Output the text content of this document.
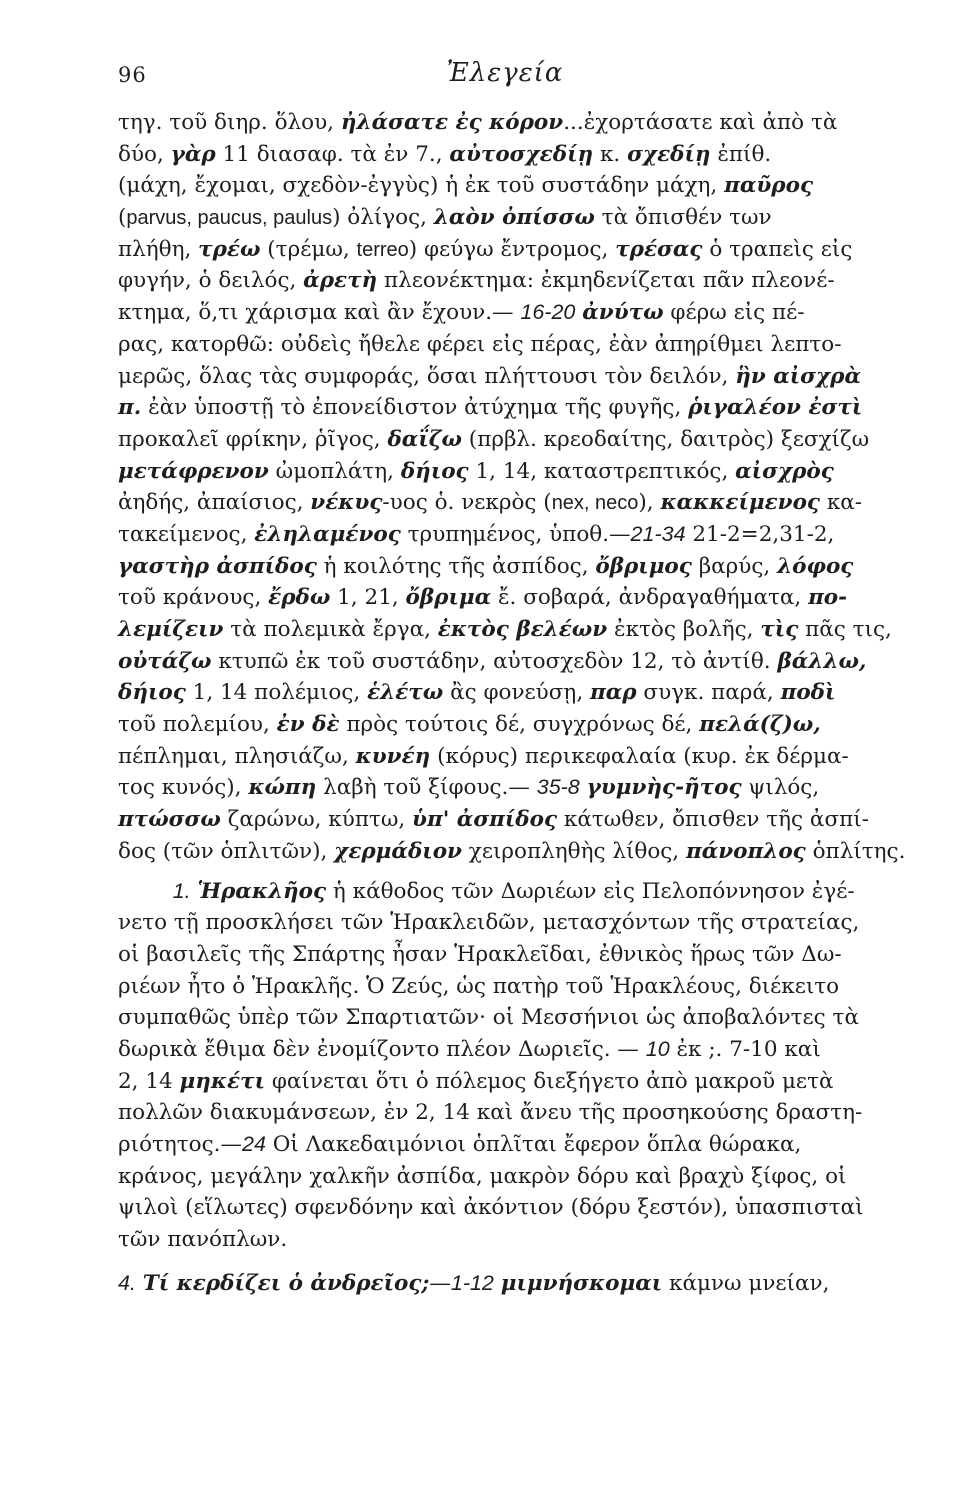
96	Ἐλεγεία
τηγ. τοῦ διηρ. ὅλου, ἠλάσατε ἐς κόρον...ἐχορτάσατε καὶ ἀπὸ τὰ
δύο, γὰρ 11 διασαφ. τὰ ἐν 7., αὐτοσχεδίῃ κ. σχεδίῃ ἐπίθ.
(μάχη, ἔχομαι, σχεδὸν-ἐγγὺς) ἡ ἐκ τοῦ συστάδην μάχη, παῦρος
(parvus, paucus, paulus) ὀλίγος, λαὸν ὀπίσσω τὰ ὄπισθέν των
πλήθη, τρέω (τρέμω, terreo) φεύγω ἔντρομος, τρέσας ὁ τραπεὶς εἰς
φυγήν, ὁ δειλός, ἀρετὴ πλεονέκτημα: ἐκμηδενίζεται πᾶν πλεονέ-
κτημα, ὅ,τι χάρισμα καὶ ἂν ἔχουν.— 16-20 ἀνύτω φέρω εἰς πέ-
ρας, κατορθῶ: οὐδεὶς ἤθελε φέρει εἰς πέρας, ἐὰν ἀπηρίθμει λεπτο-
μερῶς, ὅλας τὰς συμφοράς, ὅσαι πλήττουσι τὸν δειλόν, ἣν αἰσχρὰ
π. ἐὰν ὑποστῇ τὸ ἐπονείδιστον ἀτύχημα τῆς φυγῆς, ῥιγαλέον ἐστὶ
προκαλεῖ φρίκην, ῥῖγος, δαΐζω (πρβλ. κρεοδαίτης, δαιτρὸς) ξεσχίζω
μετάφρενον ὠμοπλάτη, δήιος 1, 14, καταστρεπτικός, αἰσχρὸς
ἀηδής, ἀπαίσιος, νέκυς-υος ὁ. νεκρὸς (nex, neco), κακκείμενος κα-
τακείμενος, ἐληλαμένος τρυπημένος, ὑποθ.—21-34 21-2=2,31-2,
γαστὴρ ἀσπίδος ἡ κοιλότης τῆς ἀσπίδος, ὄβριμος βαρύς, λόφος
τοῦ κράνους, ἔρδω 1, 21, ὄβριμα ἔ. σοβαρά, ἀνδραγαθήματα, πο-
λεμίζειν τὰ πολεμικὰ ἔργα, ἐκτὸς βελέων ἐκτὸς βολῆς, τὶς πᾶς τις,
οὐτάζω κτυπῶ ἐκ τοῦ συστάδην, αὐτοσχεδὸν 12, τὸ ἀντίθ. βάλλω,
δήιος 1, 14 πολέμιος, ἑλέτω ἂς φονεύσῃ, παρ συγκ. παρά, ποδὶ
τοῦ πολεμίου, ἐν δὲ πρὸς τούτοις δέ, συγχρόνως δέ, πελά(ζ)ω,
πέπλημαι, πλησιάζω, κυνέη (κόρυς) περικεφαλαία (κυρ. ἐκ δέρμα-
τος κυνός), κώπη λαβὴ τοῦ ξίφους.— 35-8 γυμνὴς-ῆτος ψιλός,
πτώσσω ζαρώνω, κύπτω, ὑπ' ἀσπίδος κάτωθεν, ὄπισθεν τῆς ἀσπί-
δος (τῶν ὁπλιτῶν), χερμάδιον χειροπληθὴς λίθος, πάνοπλος ὁπλίτης.
1. Ἡρακλῆος ἡ κάθοδος τῶν Δωριέων εἰς Πελοπόννησον ἐγέ-
νετο τῇ προσκλήσει τῶν Ἡρακλειδῶν, μετασχόντων τῆς στρατείας,
οἱ βασιλεῖς τῆς Σπάρτης ἦσαν Ἡρακλεῖδαι, ἐθνικὸς ἥρως τῶν Δω-
ριέων ἦτο ὁ Ἡρακλῆς. Ὁ Ζεύς, ὡς πατὴρ τοῦ Ἡρακλέους, διέκειτο
συμπαθῶς ὑπὲρ τῶν Σπαρτιατῶν· οἱ Μεσσήνιοι ὡς ἀποβαλόντες τὰ
δωρικὰ ἔθιμα δὲν ἐνομίζοντο πλέον Δωριεῖς. — 10 ἐκ ;. 7-10 καὶ
2, 14 μηκέτι φαίνεται ὅτι ὁ πόλεμος διεξήγετο ἀπὸ μακροῦ μετὰ
πολλῶν διακυμάνσεων, ἐν 2, 14 καὶ ἄνευ τῆς προσηκούσης δραστη-
ριότητος.—24 Οἱ Λακεδαιμόνιοι ὁπλῖται ἔφερον ὅπλα θώρακα,
κράνος, μεγάλην χαλκῆν ἀσπίδα, μακρὸν δόρυ καὶ βραχὺ ξίφος, οἱ
ψιλοὶ (εἵλωτες) σφενδόνην καὶ ἀκόντιον (δόρυ ξεστόν), ὑπασπισταὶ
τῶν πανόπλων.
4. Τί κερδίζει ὁ ἀνδρεῖος;—1-12 μιμνήσκομαι κάμνω μνείαν,
